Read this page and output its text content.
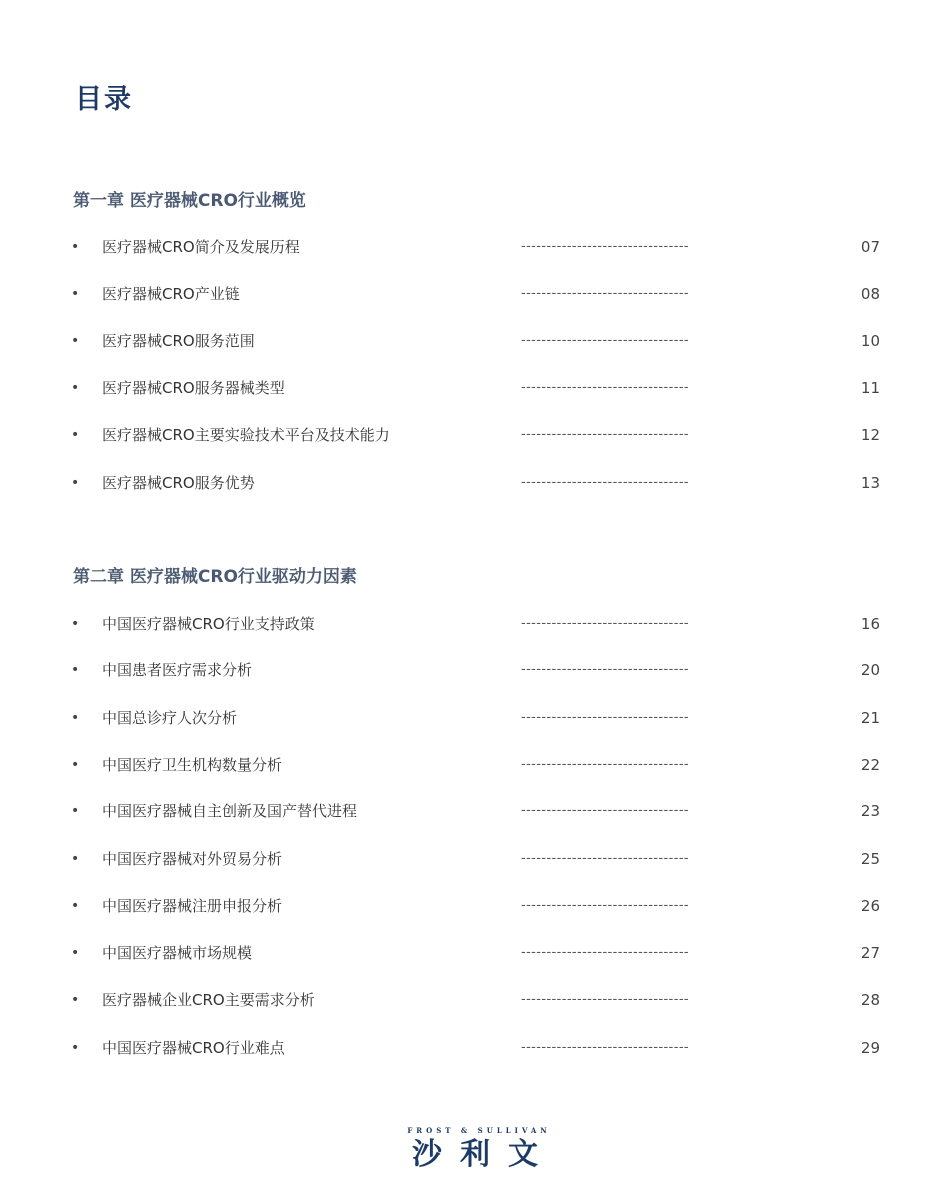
目录
第一章 医疗器械CRO行业概览
• 医疗器械CRO简介及发展历程	---------------------------------	07
• 医疗器械CRO产业链	---------------------------------	08
• 医疗器械CRO服务范围	---------------------------------	10
• 医疗器械CRO服务器械类型	---------------------------------	11
• 医疗器械CRO主要实验技术平台及技术能力	---------------------------------	12
• 医疗器械CRO服务优势	---------------------------------	13
第二章 医疗器械CRO行业驱动力因素
• 中国医疗器械CRO行业支持政策	---------------------------------	16
• 中国患者医疗需求分析	---------------------------------	20
• 中国总诊疗人次分析	---------------------------------	21
• 中国医疗卫生机构数量分析	---------------------------------	22
• 中国医疗器械自主创新及国产替代进程	---------------------------------	23
• 中国医疗器械对外贸易分析	---------------------------------	25
• 中国医疗器械注册申报分析	---------------------------------	26
• 中国医疗器械市场规模	---------------------------------	27
• 医疗器械企业CRO主要需求分析	---------------------------------	28
• 中国医疗器械CRO行业难点	---------------------------------	29
FROST & SULLIVAN
沙利文
